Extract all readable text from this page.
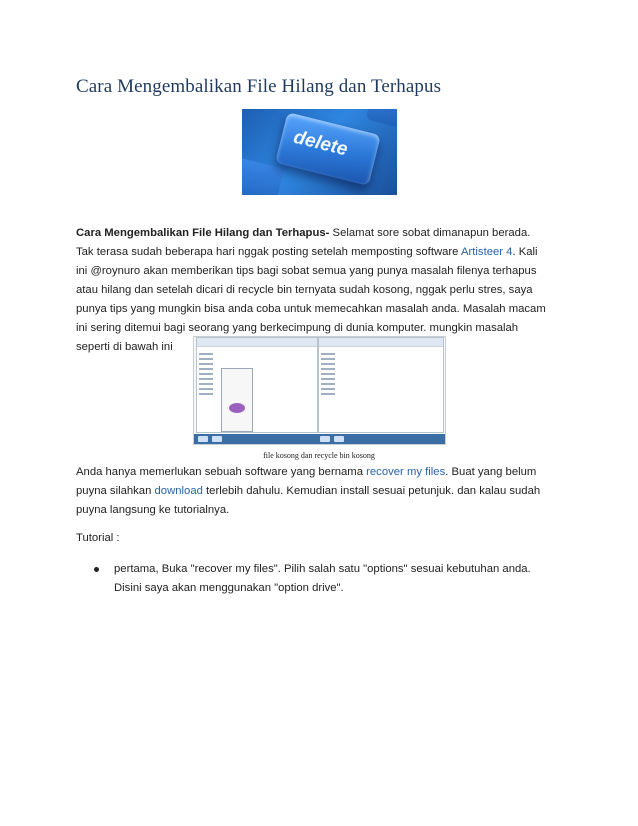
Cara Mengembalikan File Hilang dan Terhapus
delete

Cara Mengembalikan File Hilang dan Terhapus- Selamat sore sobat dimanapun berada. Tak terasa sudah beberapa hari nggak posting setelah memposting software Artisteer 4. Kali ini @roynuro akan memberikan tips bagi sobat semua yang punya masalah filenya terhapus atau hilang dan setelah dicari di recycle bin ternyata sudah kosong, nggak perlu stres, saya punya tips yang mungkin bisa anda coba untuk memecahkan masalah anda. Masalah macam ini sering ditemui bagi seorang yang berkecimpung di dunia komputer. mungkin masalah seperti di bawah ini

file kosong dan recycle bin kosong

Anda hanya memerlukan sebuah software yang bernama recover my files. Buat yang belum puyna silahkan download terlebih dahulu. Kemudian install sesuai petunjuk. dan kalau sudah puyna langsung ke tutorialnya.

Tutorial :

pertama, Buka "recover my files". Pilih salah satu "options" sesuai kebutuhan anda. Disini saya akan menggunakan "option drive".
